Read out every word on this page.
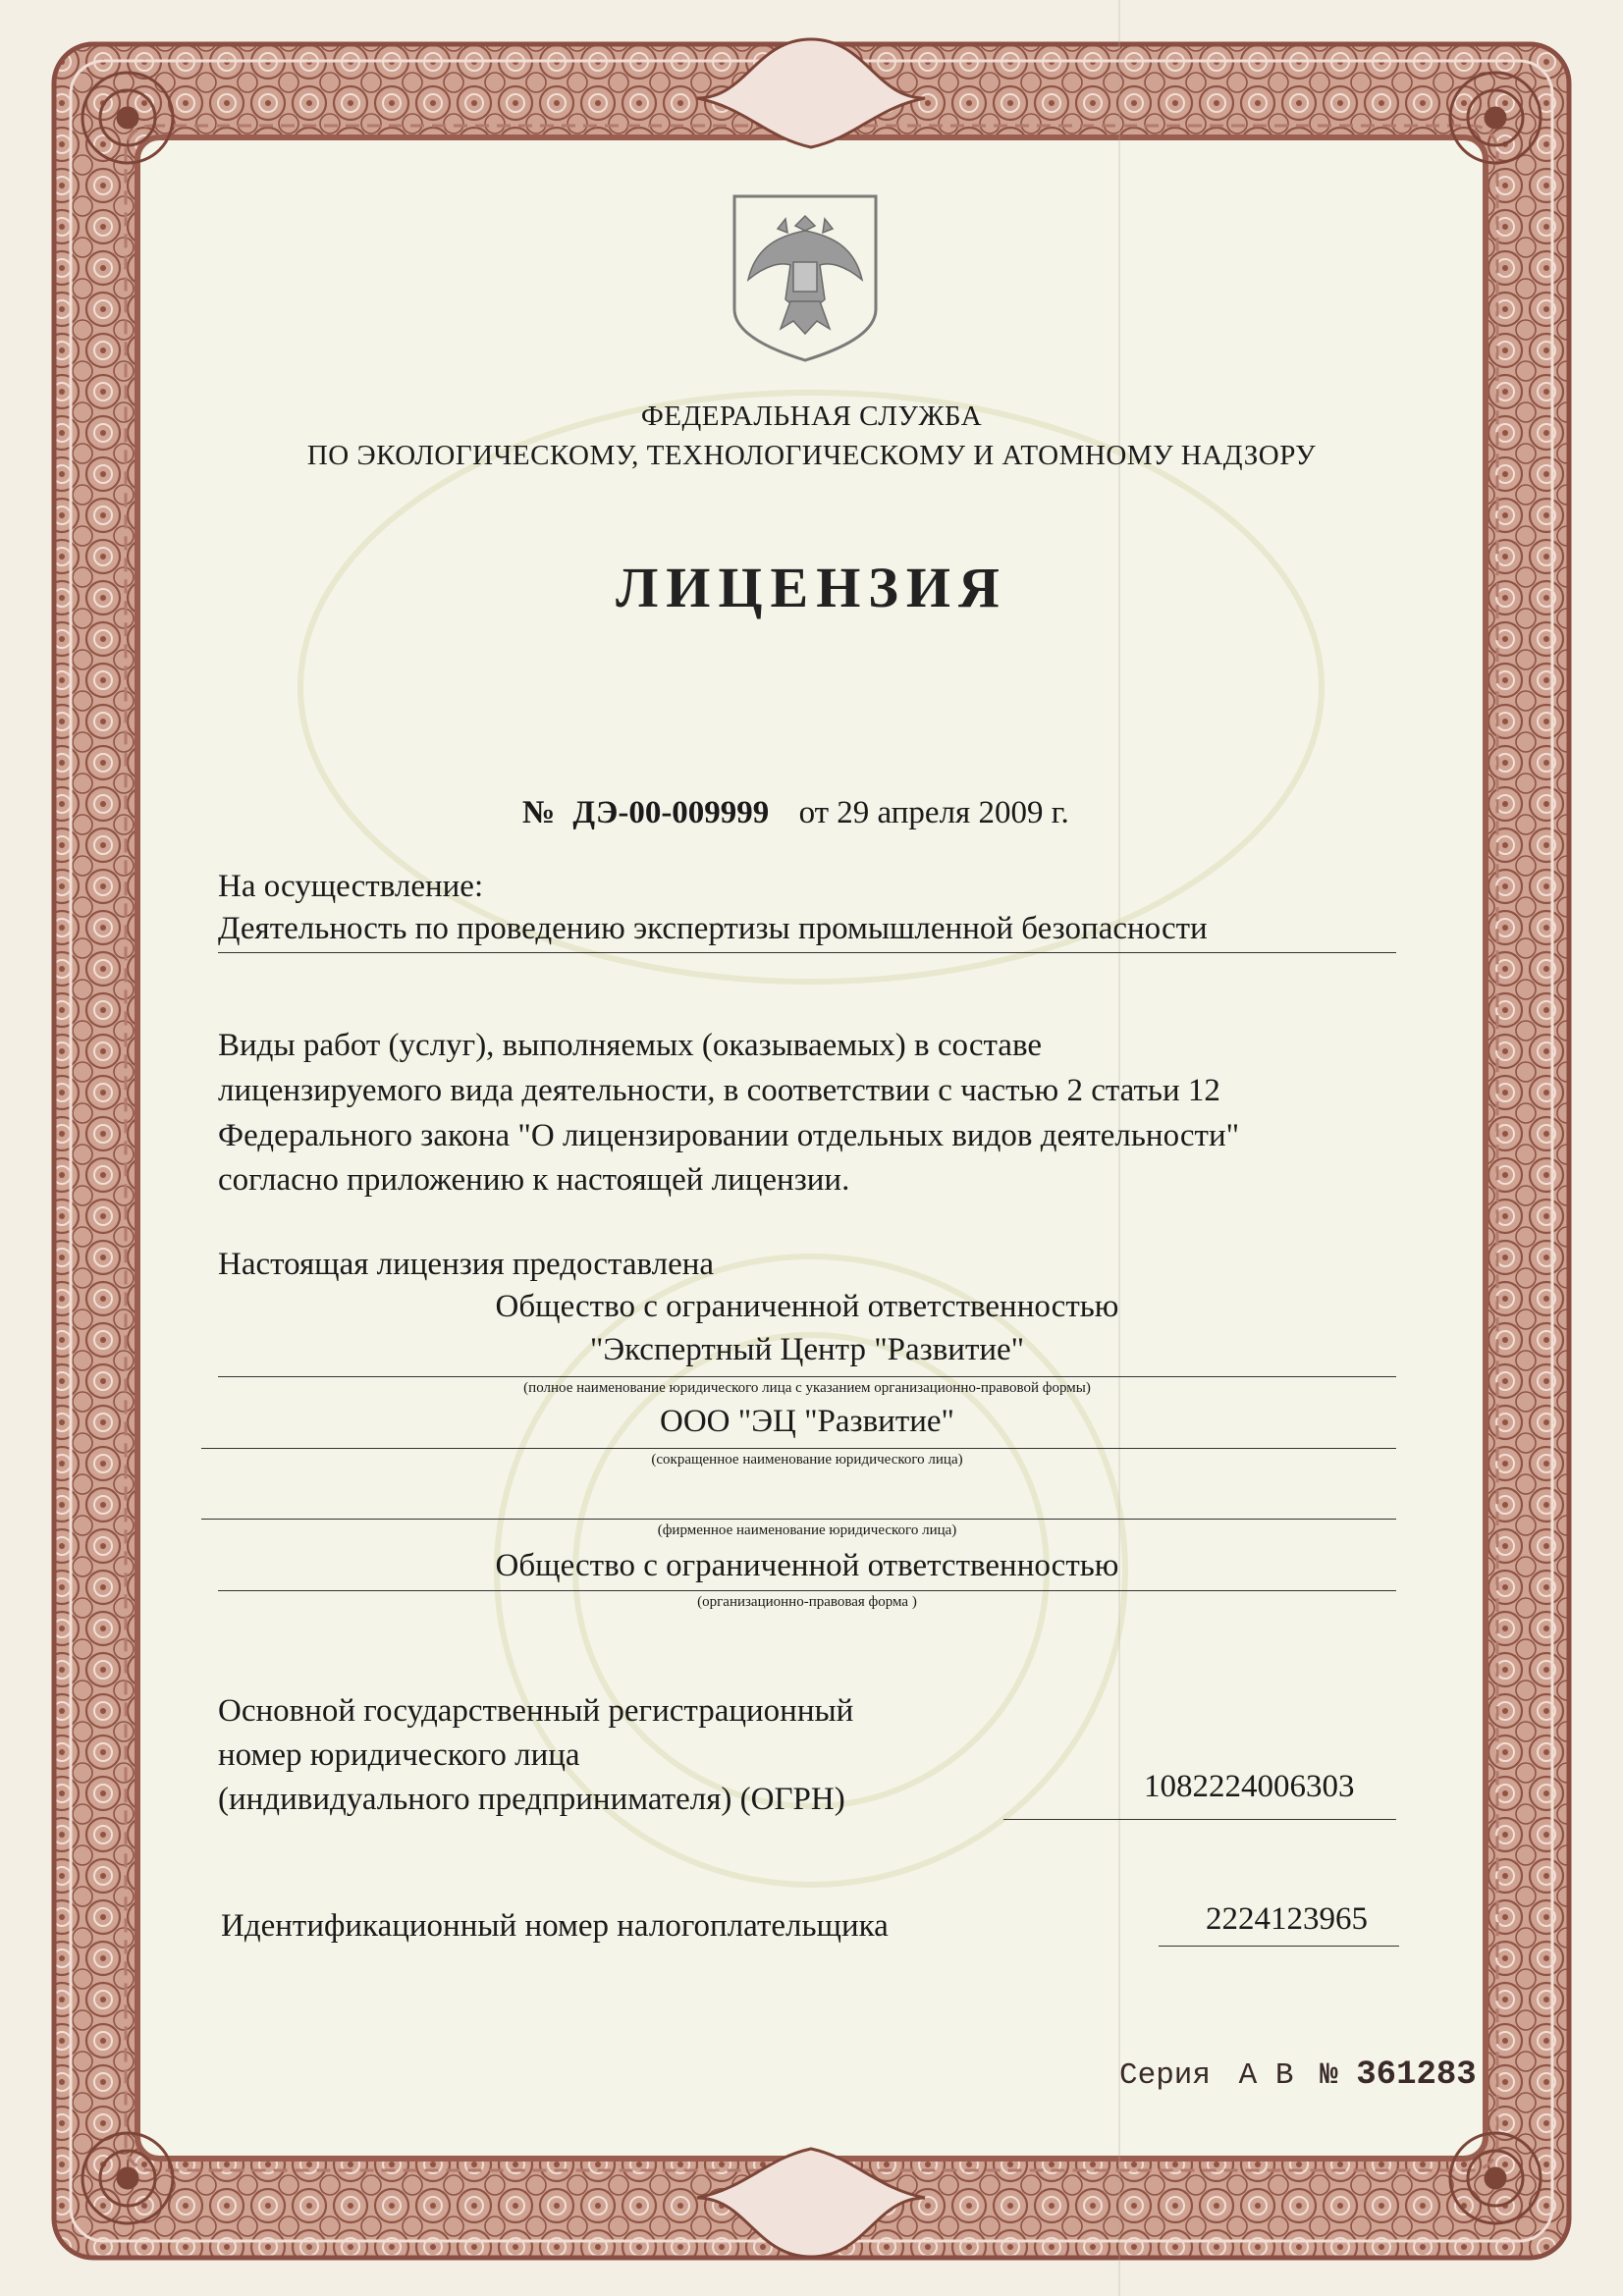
ФЕДЕРАЛЬНАЯ СЛУЖБА
ПО ЭКОЛОГИЧЕСКОМУ, ТЕХНОЛОГИЧЕСКОМУ И АТОМНОМУ НАДЗОРУ
ЛИЦЕНЗИЯ
№ ДЭ-00-009999 от 29 апреля 2009 г.
На осуществление:
Деятельность по проведению экспертизы промышленной безопасности
Виды работ (услуг), выполняемых (оказываемых) в составе
лицензируемого вида деятельности, в соответствии с частью 2 статьи 12
Федерального закона "О лицензировании отдельных видов деятельности"
согласно приложению к настоящей лицензии.
Настоящая лицензия предоставлена
Общество с ограниченной ответственностью
"Экспертный Центр "Развитие"
(полное наименование юридического лица с указанием организационно-правовой формы)
ООО "ЭЦ "Развитие"
(сокращенное наименование юридического лица)
(фирменное наименование юридического лица)
Общество с ограниченной ответственностью
(организационно-правовая форма )
Основной государственный регистрационный
номер юридического лица
(индивидуального предпринимателя) (ОГРН)	1082224006303
Идентификационный номер налогоплательщика	2224123965
Серия А В № 361283
